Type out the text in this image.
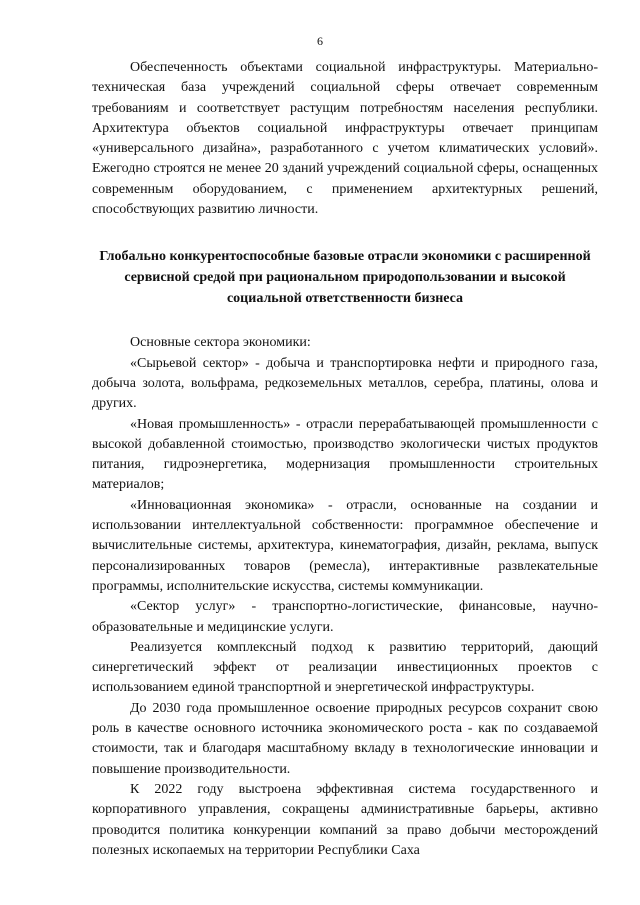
6

Обеспеченность объектами социальной инфраструктуры. Материально-техническая база учреждений социальной сферы отвечает современным требованиям и соответствует растущим потребностям населения республики. Архитектура объектов социальной инфраструктуры отвечает принципам «универсального дизайна», разработанного с учетом климатических условий». Ежегодно строятся не менее 20 зданий учреждений социальной сферы, оснащенных современным оборудованием, с применением архитектурных решений, способствующих развитию личности.

Глобально конкурентоспособные базовые отрасли экономики с расширенной сервисной средой при рациональном природопользовании и высокой социальной ответственности бизнеса

Основные сектора экономики:

«Сырьевой сектор» - добыча и транспортировка нефти и природного газа, добыча золота, вольфрама, редкоземельных металлов, серебра, платины, олова и других.

«Новая промышленность» - отрасли перерабатывающей промышленности с высокой добавленной стоимостью, производство экологически чистых продуктов питания, гидроэнергетика, модернизация промышленности строительных материалов;

«Инновационная экономика» - отрасли, основанные на создании и использовании интеллектуальной собственности: программное обеспечение и вычислительные системы, архитектура, кинематография, дизайн, реклама, выпуск персонализированных товаров (ремесла), интерактивные развлекательные программы, исполнительские искусства, системы коммуникации.

«Сектор услуг» - транспортно-логистические, финансовые, научно-образовательные и медицинские услуги.

Реализуется комплексный подход к развитию территорий, дающий синергетический эффект от реализации инвестиционных проектов с использованием единой транспортной и энергетической инфраструктуры.

До 2030 года промышленное освоение природных ресурсов сохранит свою роль в качестве основного источника экономического роста - как по создаваемой стоимости, так и благодаря масштабному вкладу в технологические инновации и повышение производительности.

К 2022 году выстроена эффективная система государственного и корпоративного управления, сокращены административные барьеры, активно проводится политика конкуренции компаний за право добычи месторождений полезных ископаемых на территории Республики Саха
